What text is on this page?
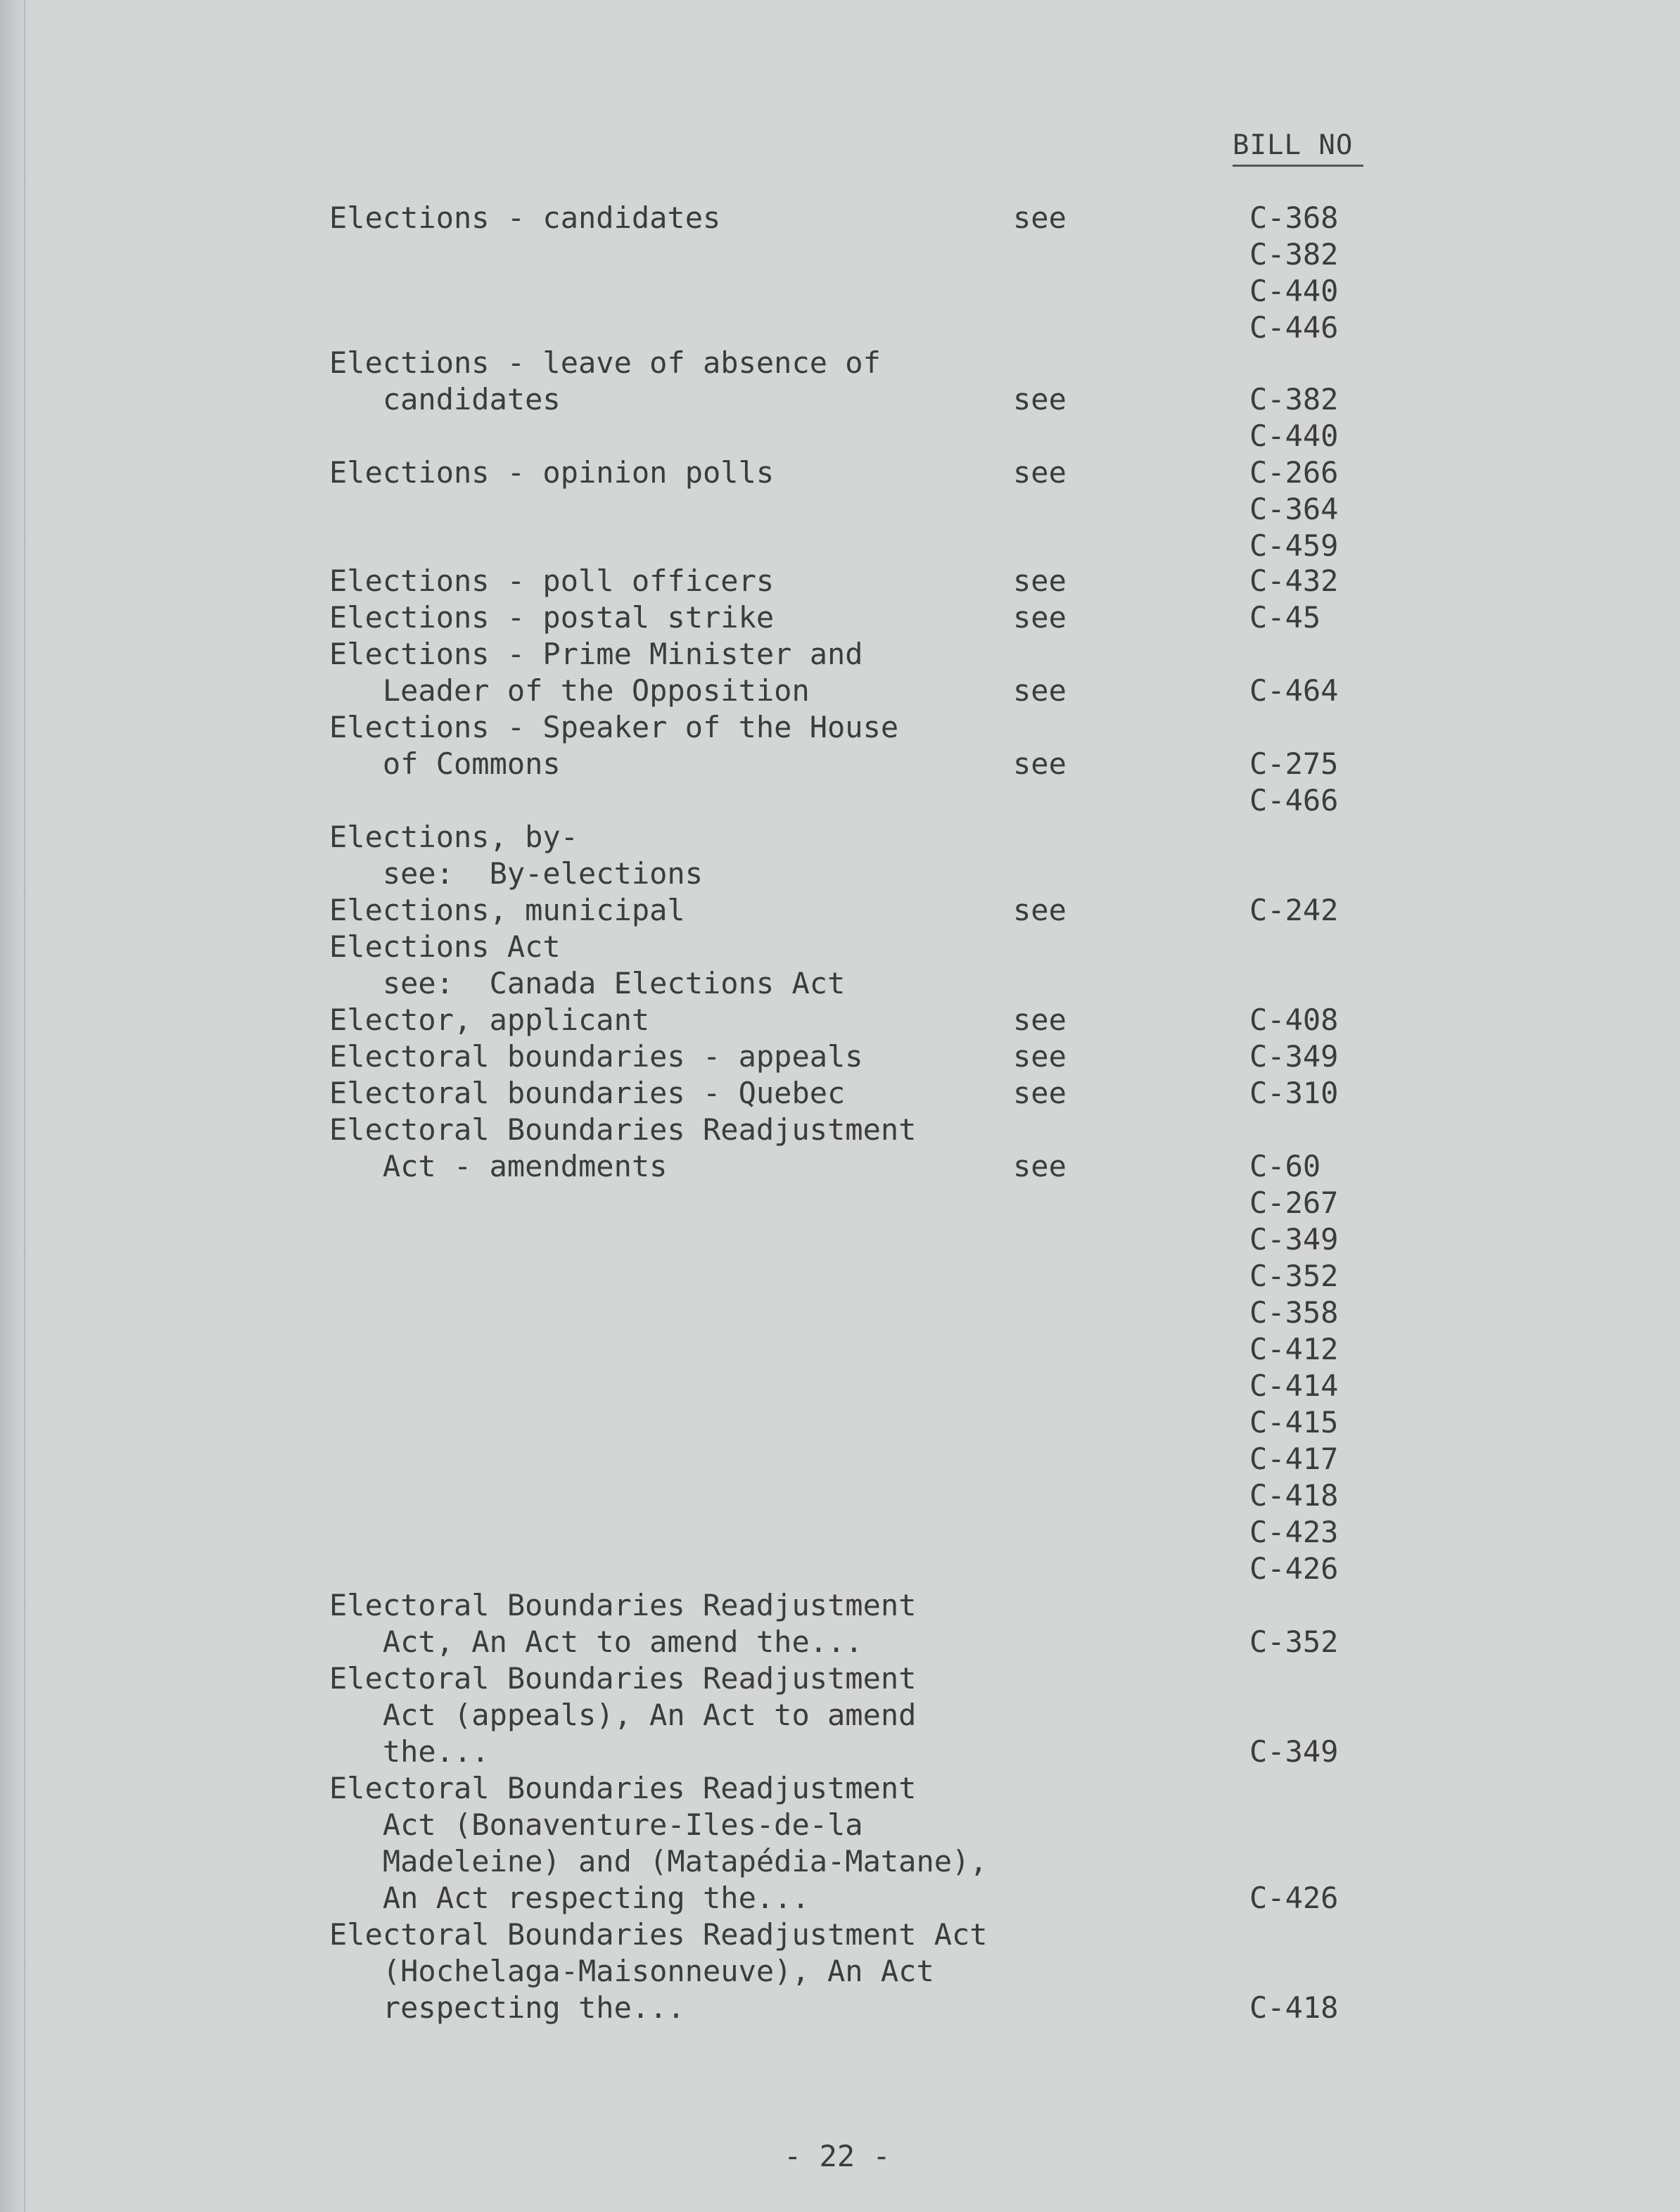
BILL NO
Elections - candidates
Elections - leave of absence of
candidates
Elections - opinion polls
Elections - poll officers
Elections - postal strike
Elections - Prime Minister and
Leader of the Opposition
Elections - Speaker of the House
of Commons
Elections, by-
see:  By-elections
Elections, municipal
Elections Act
see:  Canada Elections Act
Elector, applicant
Electoral boundaries - appeals
Electoral boundaries - Quebec
Electoral Boundaries Readjustment
Act - amendments
Electoral Boundaries Readjustment
Act, An Act to amend the...
Electoral Boundaries Readjustment
Act (appeals), An Act to amend
the...
Electoral Boundaries Readjustment
Act (Bonaventure-Iles-de-la
Madeleine) and (Matapédia-Matane),
An Act respecting the...
Electoral Boundaries Readjustment Act
(Hochelaga-Maisonneuve), An Act
respecting the...
see
see
see
see
see
see
see
see
see
see
see
see
C-368
C-382
C-440
C-446
C-382
C-440
C-266
C-364
C-459
C-432
C-45
C-464
C-275
C-466
C-242
C-408
C-349
C-310
C-60
C-267
C-349
C-352
C-358
C-412
C-414
C-415
C-417
C-418
C-423
C-426
C-352
C-349
C-426
C-418
- 22 -
